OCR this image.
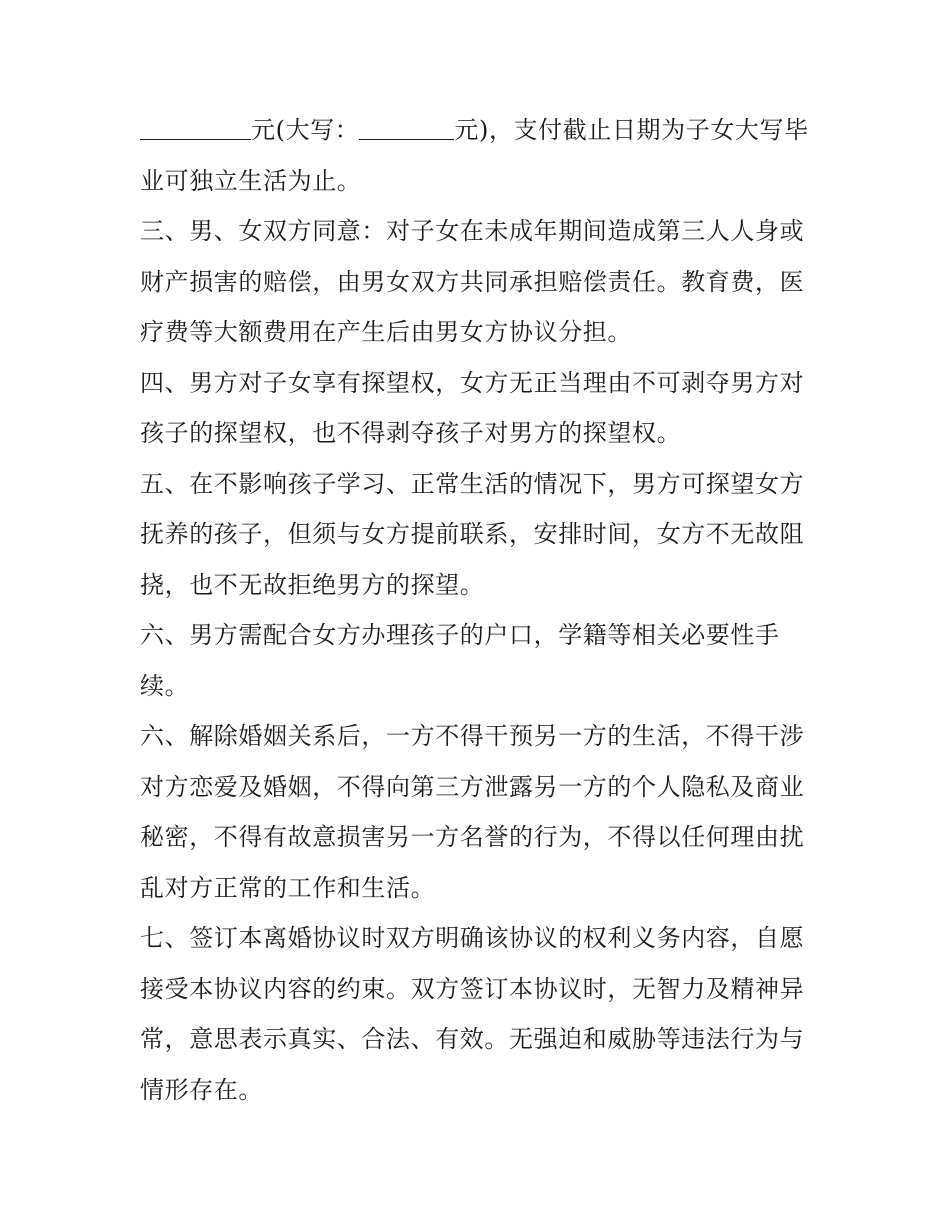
元(大写：	元)，支付截止日期为子女大写毕
业可独立生活为止。
三、男、女双方同意：对子女在未成年期间造成第三人人身或
财产损害的赔偿，由男女双方共同承担赔偿责任。教育费，医
疗费等大额费用在产生后由男女方协议分担。
四、男方对子女享有探望权，女方无正当理由不可剥夺男方对
孩子的探望权，也不得剥夺孩子对男方的探望权。
五、在不影响孩子学习、正常生活的情况下，男方可探望女方
抚养的孩子，但须与女方提前联系，安排时间，女方不无故阻
挠，也不无故拒绝男方的探望。
六、男方需配合女方办理孩子的户口，学籍等相关必要性手
续。
六、解除婚姻关系后，一方不得干预另一方的生活，不得干涉
对方恋爱及婚姻，不得向第三方泄露另一方的个人隐私及商业
秘密，不得有故意损害另一方名誉的行为，不得以任何理由扰
乱对方正常的工作和生活。
七、签订本离婚协议时双方明确该协议的权利义务内容，自愿
接受本协议内容的约束。双方签订本协议时，无智力及精神异
常，意思表示真实、合法、有效。无强迫和威胁等违法行为与
情形存在。
